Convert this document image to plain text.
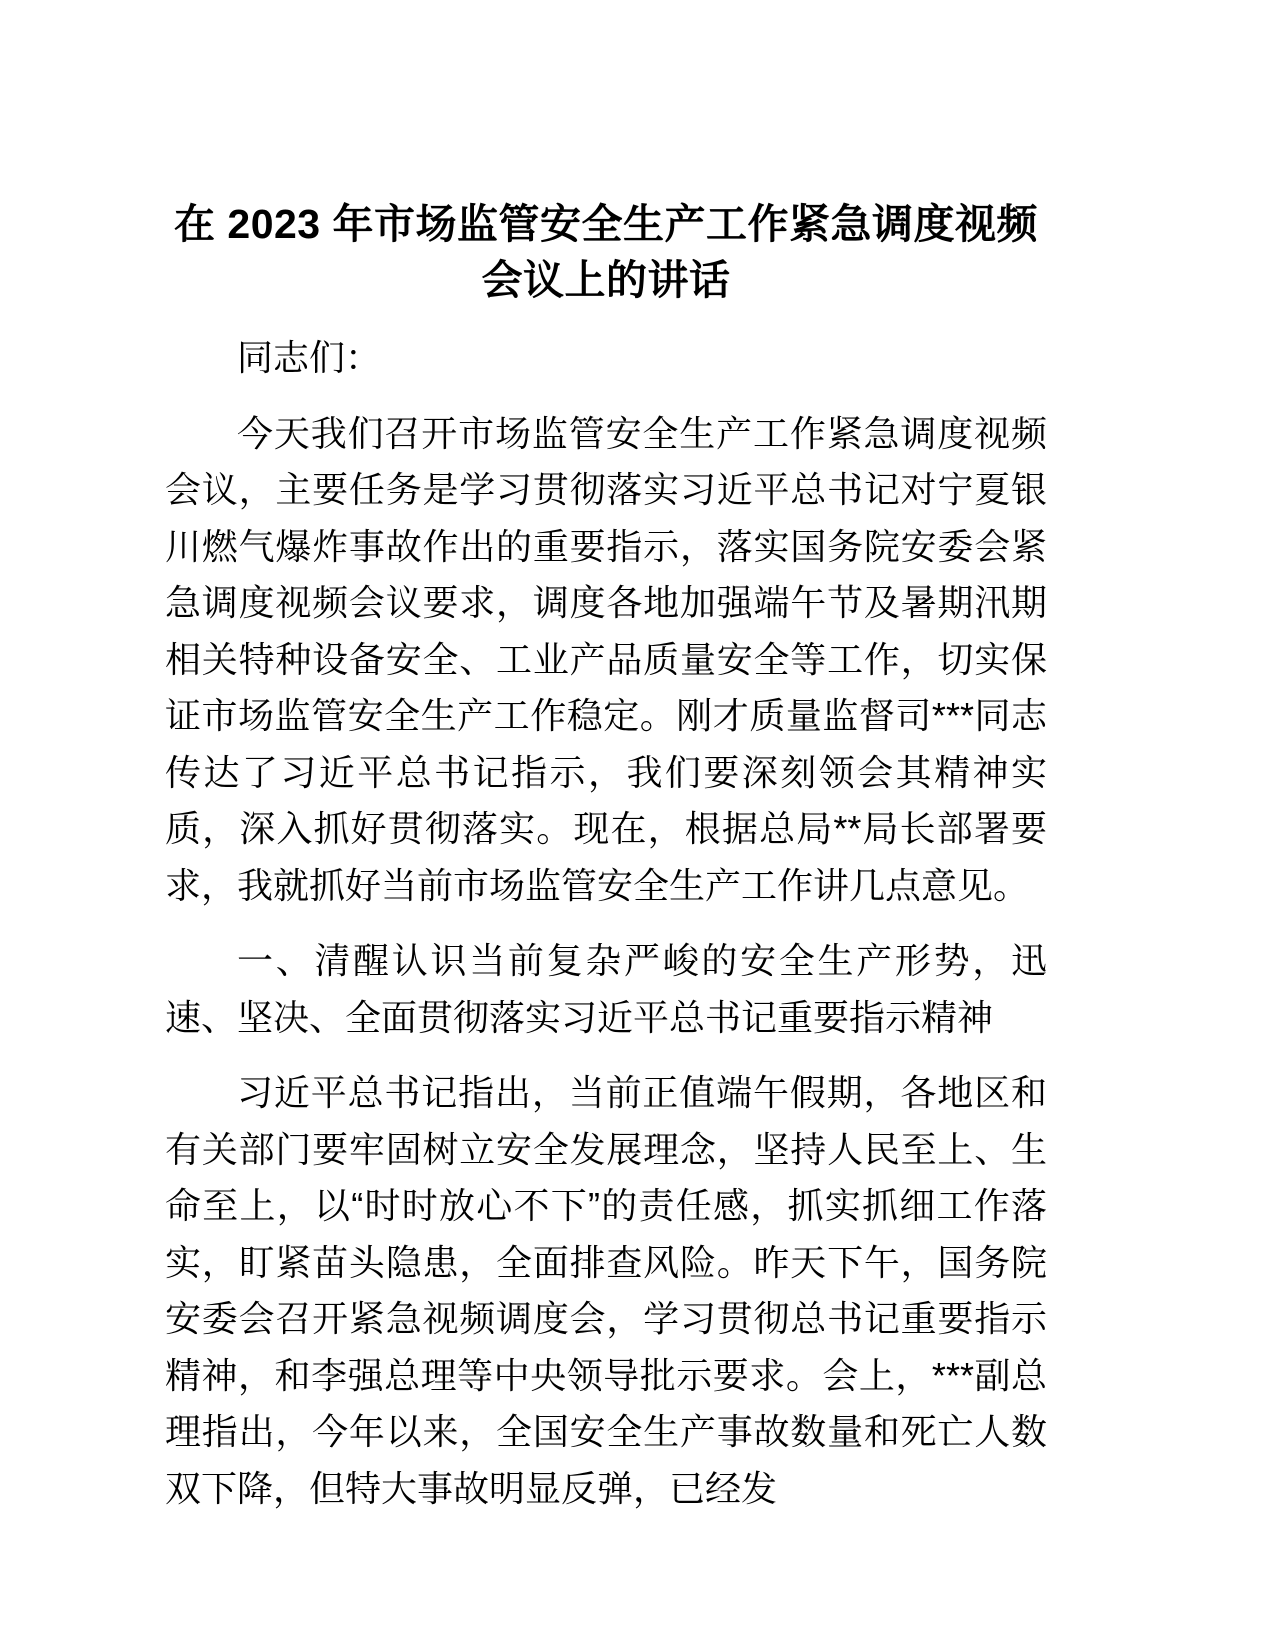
在 2023 年市场监管安全生产工作紧急调度视频会议上的讲话

同志们：

今天我们召开市场监管安全生产工作紧急调度视频会议，主要任务是学习贯彻落实习近平总书记对宁夏银川燃气爆炸事故作出的重要指示，落实国务院安委会紧急调度视频会议要求，调度各地加强端午节及暑期汛期相关特种设备安全、工业产品质量安全等工作，切实保证市场监管安全生产工作稳定。刚才质量监督司***同志传达了习近平总书记指示，我们要深刻领会其精神实质，深入抓好贯彻落实。现在，根据总局**局长部署要求，我就抓好当前市场监管安全生产工作讲几点意见。

一、清醒认识当前复杂严峻的安全生产形势，迅速、坚决、全面贯彻落实习近平总书记重要指示精神

习近平总书记指出，当前正值端午假期，各地区和有关部门要牢固树立安全发展理念，坚持人民至上、生命至上，以“时时放心不下”的责任感，抓实抓细工作落实，盯紧苗头隐患，全面排查风险。昨天下午，国务院安委会召开紧急视频调度会，学习贯彻总书记重要指示精神，和李强总理等中央领导批示要求。会上，***副总理指出，今年以来，全国安全生产事故数量和死亡人数双下降，但特大事故明显反弹，已经发
